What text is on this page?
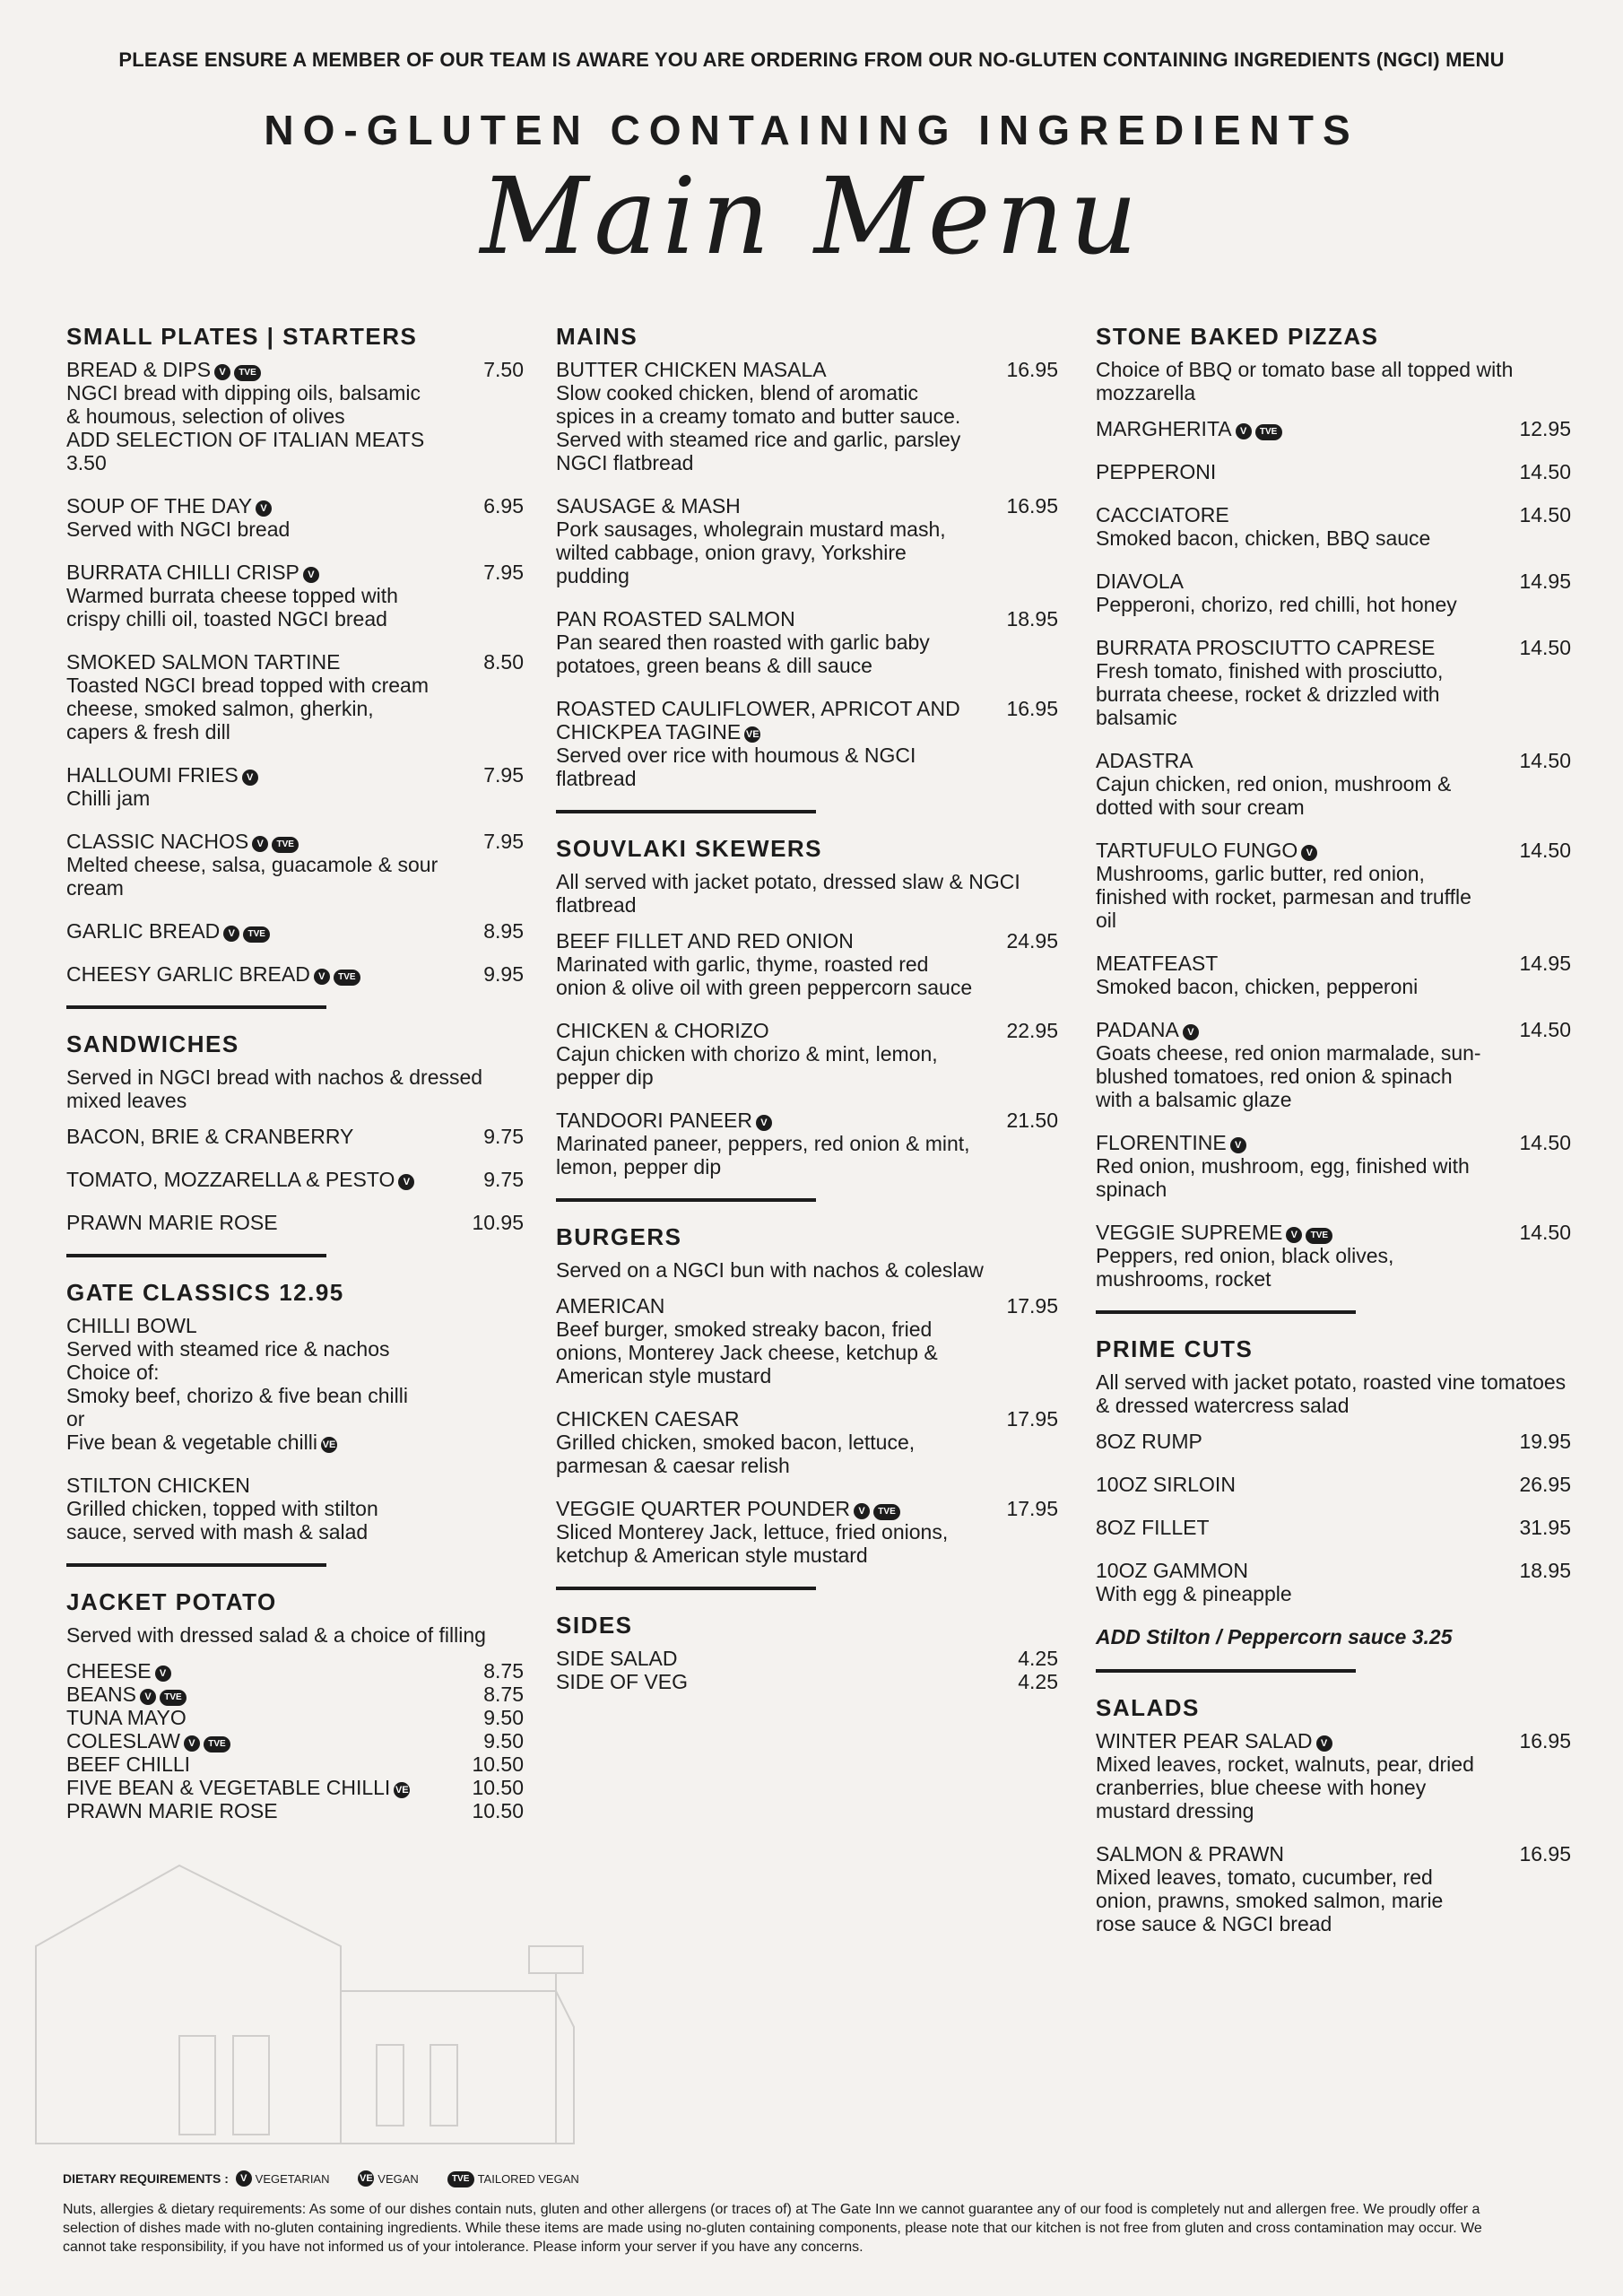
PLEASE ENSURE A MEMBER OF OUR TEAM IS AWARE YOU ARE ORDERING FROM OUR NO-GLUTEN CONTAINING INGREDIENTS (NGCI) MENU
NO-GLUTEN CONTAINING INGREDIENTS
Main Menu
SMALL PLATES | STARTERS
BREAD & DIPS V TVE
NGCI bread with dipping oils, balsamic & houmous, selection of olives
ADD SELECTION OF ITALIAN MEATS 3.50
7.50
SOUP OF THE DAY V
Served with NGCI bread
6.95
BURRATA CHILLI CRISP V
Warmed burrata cheese topped with crispy chilli oil, toasted NGCI bread
7.95
SMOKED SALMON TARTINE
Toasted NGCI bread topped with cream cheese, smoked salmon, gherkin, capers & fresh dill
8.50
HALLOUMI FRIES V
Chilli jam
7.95
CLASSIC NACHOS V TVE
Melted cheese, salsa, guacamole & sour cream
7.95
GARLIC BREAD V TVE	8.95
CHEESY GARLIC BREAD V TVE	9.95
SANDWICHES
Served in NGCI bread with nachos & dressed mixed leaves
BACON, BRIE & CRANBERRY	9.75
TOMATO, MOZZARELLA & PESTO V	9.75
PRAWN MARIE ROSE	10.95
GATE CLASSICS 12.95
CHILLI BOWL
Served with steamed rice & nachos
Choice of:
Smoky beef, chorizo & five bean chilli
or
Five bean & vegetable chilli VE
STILTON CHICKEN
Grilled chicken, topped with stilton sauce, served with mash & salad
JACKET POTATO
Served with dressed salad & a choice of filling
CHEESE V	8.75
BEANS V TVE	8.75
TUNA MAYO	9.50
COLESLAW V TVE	9.50
BEEF CHILLI	10.50
FIVE BEAN & VEGETABLE CHILLI VE	10.50
PRAWN MARIE ROSE	10.50
MAINS
BUTTER CHICKEN MASALA
Slow cooked chicken, blend of aromatic spices in a creamy tomato and butter sauce. Served with steamed rice and garlic, parsley NGCI flatbread
16.95
SAUSAGE & MASH
Pork sausages, wholegrain mustard mash, wilted cabbage, onion gravy, Yorkshire pudding
16.95
PAN ROASTED SALMON
Pan seared then roasted with garlic baby potatoes, green beans & dill sauce
18.95
ROASTED CAULIFLOWER, APRICOT AND CHICKPEA TAGINE VE
Served over rice with houmous & NGCI flatbread
16.95
SOUVLAKI SKEWERS
All served with jacket potato, dressed slaw & NGCI flatbread
BEEF FILLET AND RED ONION
Marinated with garlic, thyme, roasted red onion & olive oil with green peppercorn sauce
24.95
CHICKEN & CHORIZO
Cajun chicken with chorizo & mint, lemon, pepper dip
22.95
TANDOORI PANEER V
Marinated paneer, peppers, red onion & mint, lemon, pepper dip
21.50
BURGERS
Served on a NGCI bun with nachos & coleslaw
AMERICAN
Beef burger, smoked streaky bacon, fried onions, Monterey Jack cheese, ketchup & American style mustard
17.95
CHICKEN CAESAR
Grilled chicken, smoked bacon, lettuce, parmesan & caesar relish
17.95
VEGGIE QUARTER POUNDER V TVE
Sliced Monterey Jack, lettuce, fried onions, ketchup & American style mustard
17.95
SIDES
SIDE SALAD	4.25
SIDE OF VEG	4.25
STONE BAKED PIZZAS
Choice of BBQ or tomato base all topped with mozzarella
MARGHERITA V TVE	12.95
PEPPERONI	14.50
CACCIATORE
Smoked bacon, chicken, BBQ sauce
14.50
DIAVOLA
Pepperoni, chorizo, red chilli, hot honey
14.95
BURRATA PROSCIUTTO CAPRESE
Fresh tomato, finished with prosciutto, burrata cheese, rocket & drizzled with balsamic
14.50
ADASTRA
Cajun chicken, red onion, mushroom & dotted with sour cream
14.50
TARTUFULO FUNGO V
Mushrooms, garlic butter, red onion, finished with rocket, parmesan and truffle oil
14.50
MEATFEAST
Smoked bacon, chicken, pepperoni
14.95
PADANA V
Goats cheese, red onion marmalade, sun-blushed tomatoes, red onion & spinach with a balsamic glaze
14.50
FLORENTINE V
Red onion, mushroom, egg, finished with spinach
14.50
VEGGIE SUPREME V TVE
Peppers, red onion, black olives, mushrooms, rocket
14.50
PRIME CUTS
All served with jacket potato, roasted vine tomatoes & dressed watercress salad
8OZ RUMP	19.95
10OZ SIRLOIN	26.95
8OZ FILLET	31.95
10OZ GAMMON
With egg & pineapple
18.95
ADD Stilton / Peppercorn sauce 3.25
SALADS
WINTER PEAR SALAD V
Mixed leaves, rocket, walnuts, pear, dried cranberries, blue cheese with honey mustard dressing
16.95
SALMON & PRAWN
Mixed leaves, tomato, cucumber, red onion, prawns, smoked salmon, marie rose sauce & NGCI bread
16.95
DIETARY REQUIREMENTS : V VEGETARIAN	VE VEGAN	TVE TAILORED VEGAN
Nuts, allergies & dietary requirements: As some of our dishes contain nuts, gluten and other allergens (or traces of) at The Gate Inn we cannot guarantee any of our food is completely nut and allergen free. We proudly offer a selection of dishes made with no-gluten containing ingredients. While these items are made using no-gluten containing components, please note that our kitchen is not free from gluten and cross contamination may occur. We cannot take responsibility, if you have not informed us of your intolerance. Please inform your server if you have any concerns.
